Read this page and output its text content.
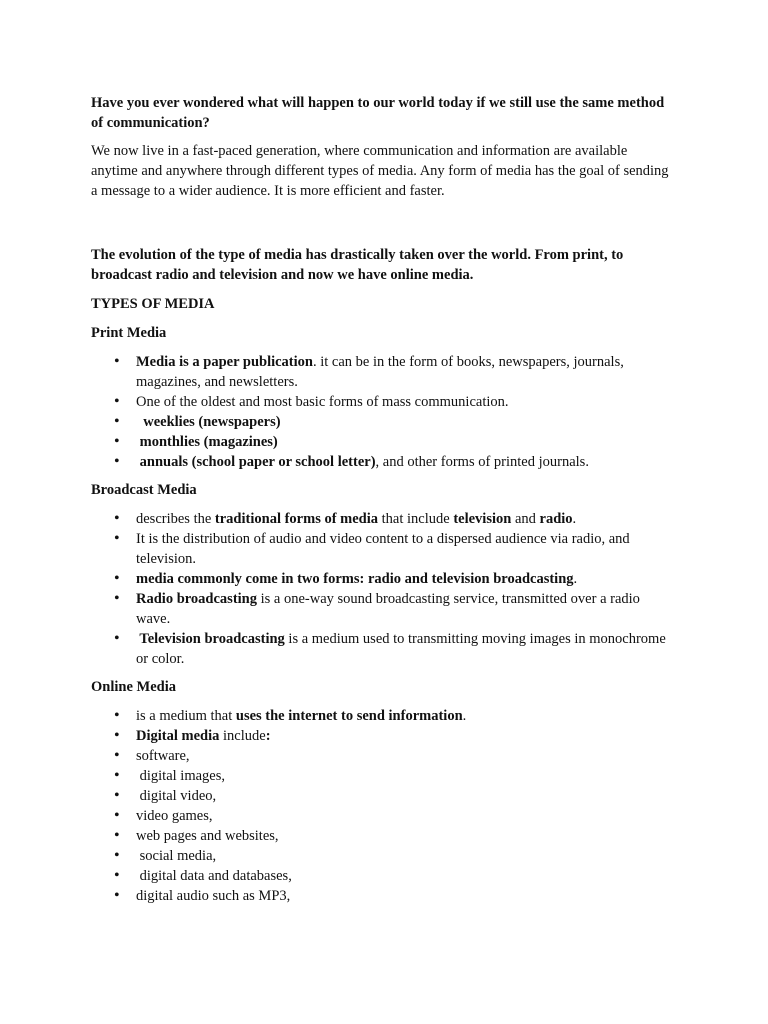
Have you ever wondered what will happen to our world today if we still use the same method of communication?

We now live in a fast-paced generation, where communication and information are available anytime and anywhere through different types of media. Any form of media has the goal of sending a message to a wider audience. It is more efficient and faster.

The evolution of the type of media has drastically taken over the world. From print, to broadcast radio and television and now we have online media.

TYPES OF MEDIA

Print Media

• Media is a paper publication. it can be in the form of books, newspapers, journals, magazines, and newsletters.
• One of the oldest and most basic forms of mass communication.
•   weeklies (newspapers)
•  monthlies (magazines)
•  annuals (school paper or school letter), and other forms of printed journals.

Broadcast Media

• describes the traditional forms of media that include television and radio.
• It is the distribution of audio and video content to a dispersed audience via radio, and television.
• media commonly come in two forms: radio and television broadcasting.
• Radio broadcasting is a one-way sound broadcasting service, transmitted over a radio wave.
•  Television broadcasting is a medium used to transmitting moving images in monochrome or color.

Online Media

• is a medium that uses the internet to send information.
• Digital media include:
• software,
•  digital images,
•  digital video,
• video games,
• web pages and websites,
•  social media,
•  digital data and databases,
• digital audio such as MP3,
